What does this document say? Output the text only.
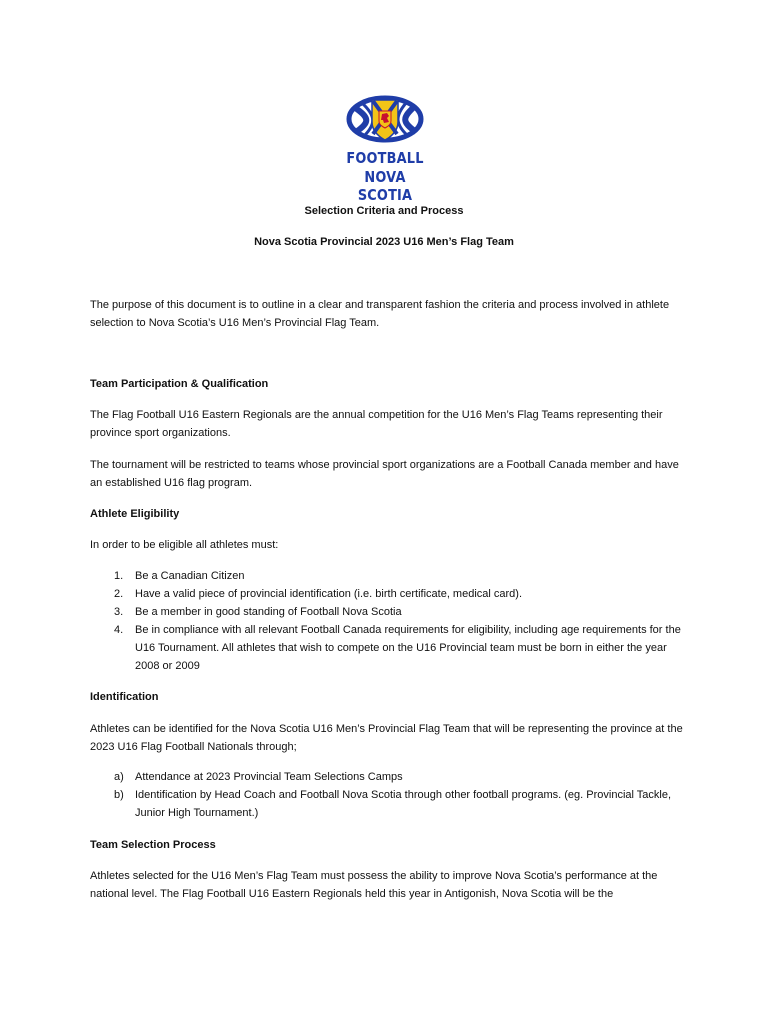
FOOTBALL
NOVA SCOTIA
Selection Criteria and Process
Nova Scotia Provincial 2023 U16 Men’s Flag Team
The purpose of this document is to outline in a clear and transparent fashion the criteria and process involved in athlete selection to Nova Scotia’s U16 Men’s Provincial Flag Team.
Team Participation & Qualification
The Flag Football U16 Eastern Regionals are the annual competition for the U16 Men’s Flag Teams representing their province sport organizations.
The tournament will be restricted to teams whose provincial sport organizations are a Football Canada member and have an established U16 flag program.
Athlete Eligibility
In order to be eligible all athletes must:
1. Be a Canadian Citizen
2. Have a valid piece of provincial identification (i.e. birth certificate, medical card).
3. Be a member in good standing of Football Nova Scotia
4. Be in compliance with all relevant Football Canada requirements for eligibility, including age requirements for the U16 Tournament. All athletes that wish to compete on the U16 Provincial team must be born in either the year 2008 or 2009
Identification
Athletes can be identified for the Nova Scotia U16 Men’s Provincial Flag Team that will be representing the province at the 2023 U16 Flag Football Nationals through;
a) Attendance at 2023 Provincial Team Selections Camps
b) Identification by Head Coach and Football Nova Scotia through other football programs. (eg. Provincial Tackle, Junior High Tournament.)
Team Selection Process
Athletes selected for the U16 Men’s Flag Team must possess the ability to improve Nova Scotia’s performance at the national level. The Flag Football U16 Eastern Regionals held this year in Antigonish, Nova Scotia will be the
